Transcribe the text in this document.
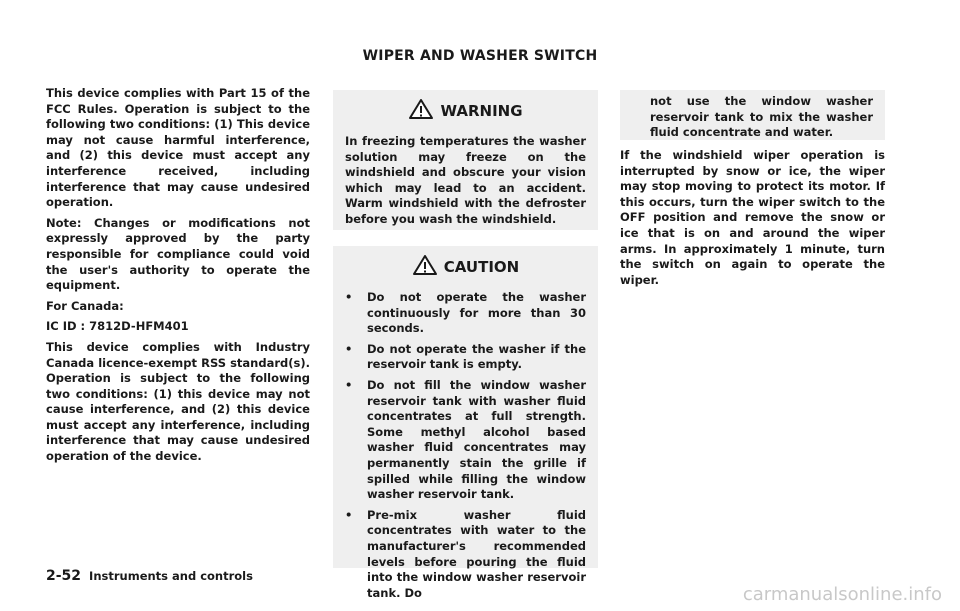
WIPER AND WASHER SWITCH

This device complies with Part 15 of the FCC Rules. Operation is subject to the following two conditions: (1) This device may not cause harmful interference, and (2) this device must accept any interference received, including interference that may cause undesired operation.

Note: Changes or modifications not expressly approved by the party responsible for compliance could void the user's authority to operate the equipment.

For Canada:

IC ID : 7812D-HFM401

This device complies with Industry Canada licence-exempt RSS standard(s). Operation is subject to the following two conditions: (1) this device may not cause interference, and (2) this device must accept any interference, including interference that may cause undesired operation of the device.

WARNING

In freezing temperatures the washer solution may freeze on the windshield and obscure your vision which may lead to an accident. Warm windshield with the defroster before you wash the windshield.

CAUTION
• Do not operate the washer continuously for more than 30 seconds.
• Do not operate the washer if the reservoir tank is empty.
• Do not fill the window washer reservoir tank with washer fluid concentrates at full strength. Some methyl alcohol based washer fluid concentrates may permanently stain the grille if spilled while filling the window washer reservoir tank.
• Pre-mix washer fluid concentrates with water to the manufacturer's recommended levels before pouring the fluid into the window washer reservoir tank. Do

not use the window washer reservoir tank to mix the washer fluid concentrate and water.

If the windshield wiper operation is interrupted by snow or ice, the wiper may stop moving to protect its motor. If this occurs, turn the wiper switch to the OFF position and remove the snow or ice that is on and around the wiper arms. In approximately 1 minute, turn the switch on again to operate the wiper.

2-52 Instruments and controls
carmanualsonline.info
